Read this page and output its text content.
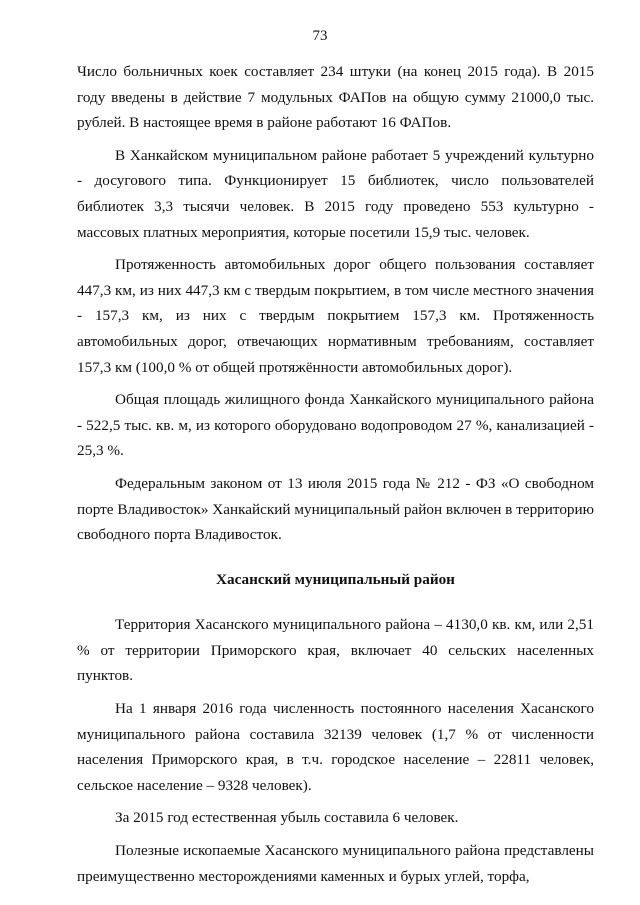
73

Число больничных коек составляет 234 штуки (на конец 2015 года). В 2015 году введены в действие 7 модульных ФАПов на общую сумму 21000,0 тыс. рублей. В настоящее время в районе работают 16 ФАПов.

В Ханкайском муниципальном районе работает 5 учреждений культурно - досугового типа. Функционирует 15 библиотек, число пользователей библиотек 3,3 тысячи человек. В 2015 году проведено 553 культурно - массовых платных мероприятия, которые посетили 15,9 тыс. человек.

Протяженность автомобильных дорог общего пользования составляет 447,3 км, из них 447,3 км с твердым покрытием, в том числе местного значения - 157,3 км, из них с твердым покрытием 157,3 км. Протяженность автомобильных дорог, отвечающих нормативным требованиям, составляет 157,3 км (100,0 % от общей протяжённости автомобильных дорог).

Общая площадь жилищного фонда Ханкайского муниципального района - 522,5 тыс. кв. м, из которого оборудовано водопроводом 27 %, канализацией - 25,3 %.

Федеральным законом от 13 июля 2015 года № 212 - ФЗ «О свободном порте Владивосток» Ханкайский муниципальный район включен в территорию свободного порта Владивосток.

Хасанский муниципальный район

Территория Хасанского муниципального района – 4130,0 кв. км, или 2,51 % от территории Приморского края, включает 40 сельских населенных пунктов.

На 1 января 2016 года численность постоянного населения Хасанского муниципального района составила 32139 человек (1,7 % от численности населения Приморского края, в т.ч. городское население – 22811 человек, сельское население – 9328 человек).

За 2015 год естественная убыль составила 6 человек.

Полезные ископаемые Хасанского муниципального района представлены преимущественно месторождениями каменных и бурых углей, торфа,
